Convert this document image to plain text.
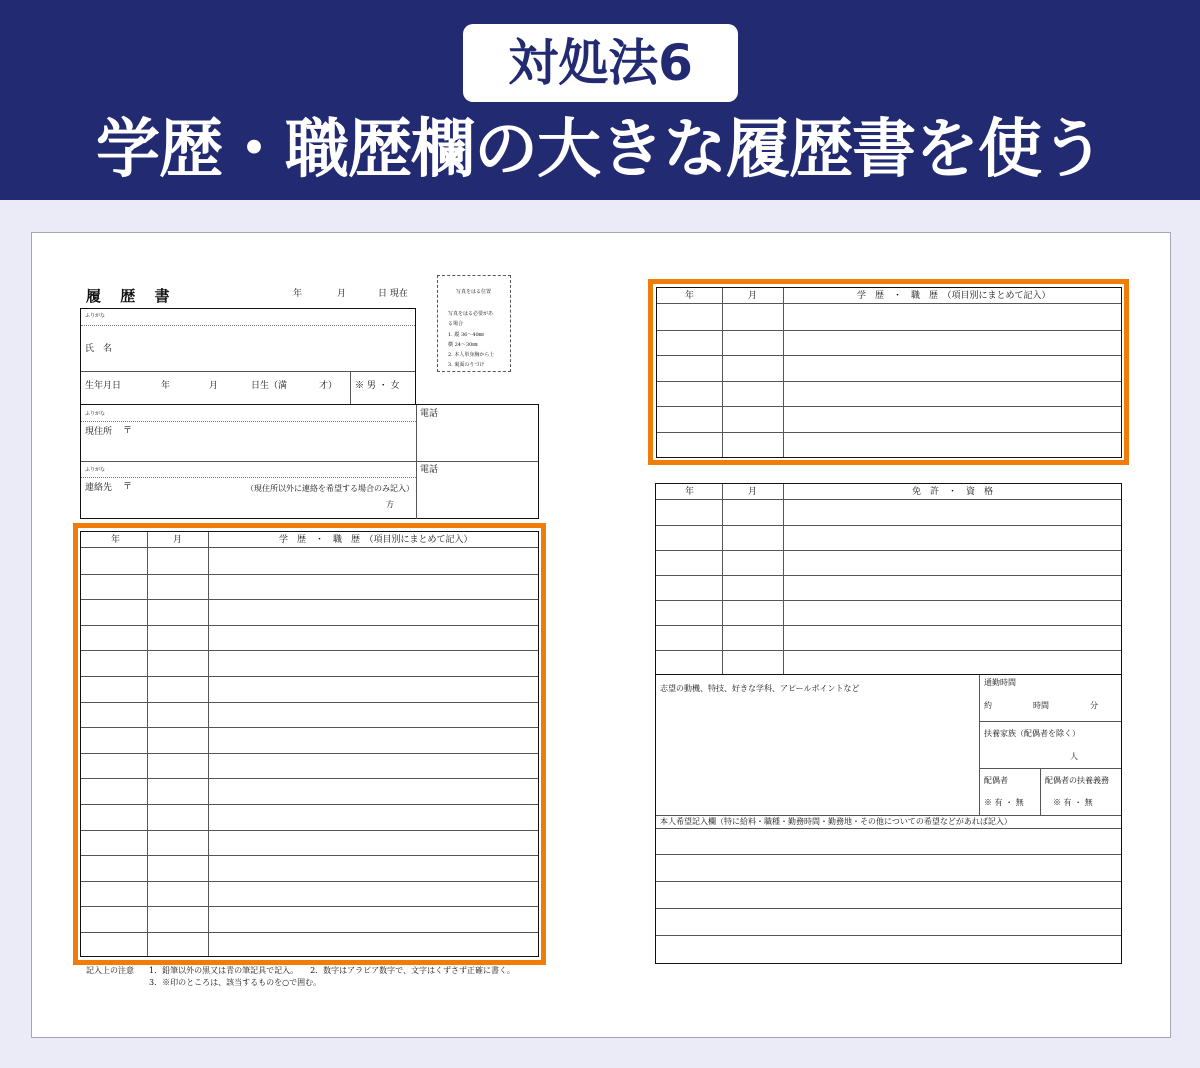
対処法6
学歴・職歴欄の大きな履歴書を使う
履 歴 書	年	月	日 現在	写真をはる位置
写真をはる必要があ
る場合
1. 縦 36〜40㎜
横 24〜30㎜
2. 本人単身胸から上
3. 裏面のりづけ
ふりがな
氏　名
生年月日	年	月	日生（満	才） ※ 男 ・ 女
ふりがな
現住所 〒
電話
ふりがな
連絡先 〒	（現住所以外に連絡を希望する場合のみ記入）
方
電話
年	月	学　歴　・　職　歴　（項目別にまとめて記入）
記入上の注意 1．鉛筆以外の黒又は青の筆記具で記入。　　2．数字はアラビア数字で、文字はくずさず正確に書く。
3．※印のところは、該当するものを○で囲む。
年	月	学　歴　・　職　歴　（項目別にまとめて記入）
年	月	免　許　・　資　格
志望の動機、特技、好きな学科、アピールポイントなど
通勤時間
約	時間	分
扶養家族（配偶者を除く）
人
配偶者
※ 有 ・ 無
配偶者の扶養義務
※ 有 ・ 無
本人希望記入欄（特に給料・職種・勤務時間・勤務地・その他についての希望などがあれば記入）
